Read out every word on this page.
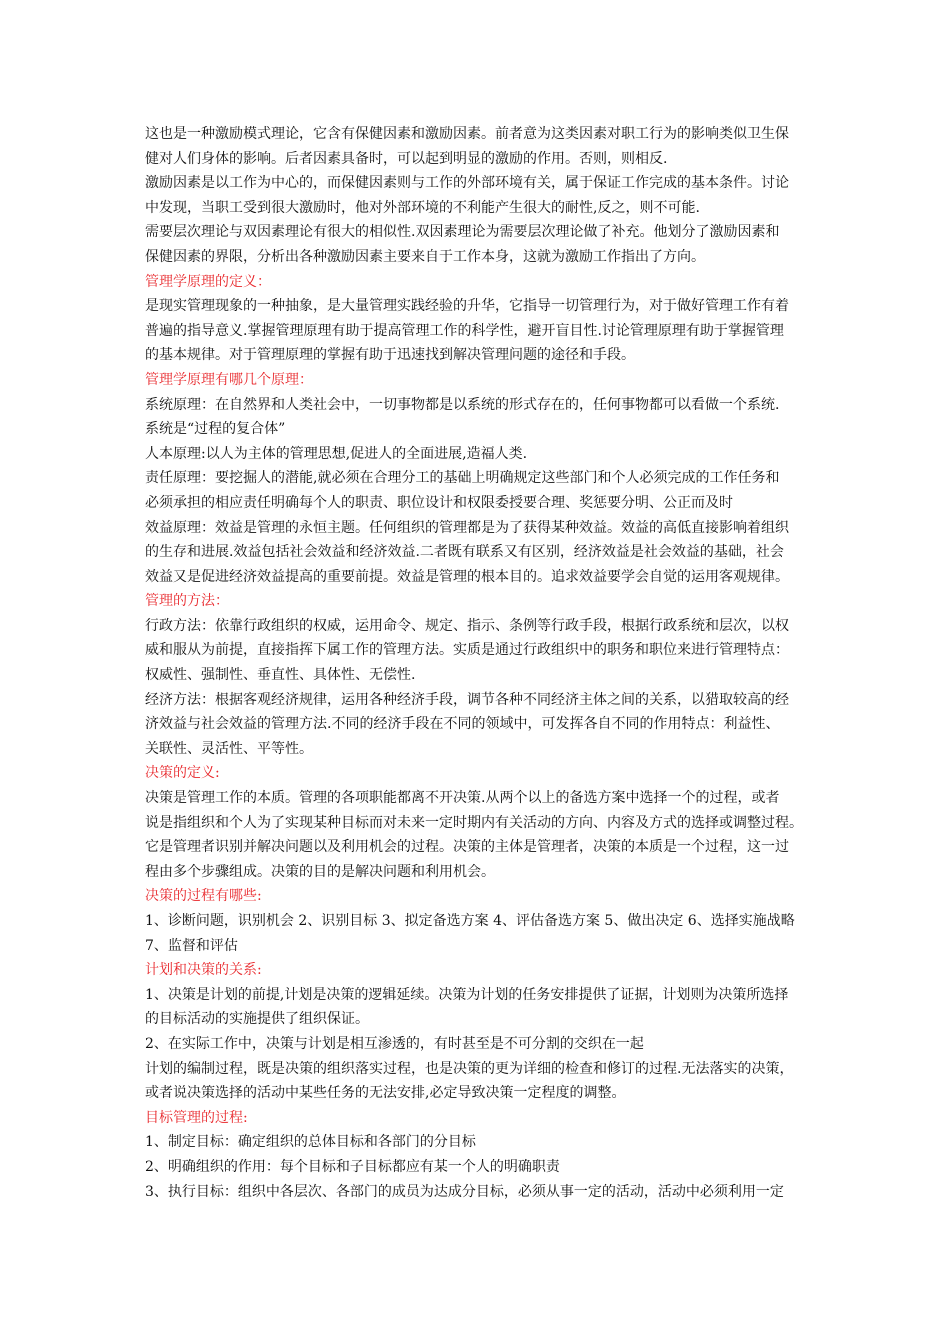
这也是一种激励模式理论，它含有保健因素和激励因素。前者意为这类因素对职工行为的影响类似卫生保
健对人们身体的影响。后者因素具备时，可以起到明显的激励的作用。否则，则相反.
激励因素是以工作为中心的，而保健因素则与工作的外部环境有关，属于保证工作完成的基本条件。讨论
中发现，当职工受到很大激励时，他对外部环境的不利能产生很大的耐性,反之，则不可能.
需要层次理论与双因素理论有很大的相似性.双因素理论为需要层次理论做了补充。他划分了激励因素和
保健因素的界限，分析出各种激励因素主要来自于工作本身，这就为激励工作指出了方向。
管理学原理的定义：
是现实管理现象的一种抽象，是大量管理实践经验的升华，它指导一切管理行为，对于做好管理工作有着
普遍的指导意义.掌握管理原理有助于提高管理工作的科学性，避开盲目性.讨论管理原理有助于掌握管理
的基本规律。对于管理原理的掌握有助于迅速找到解决管理问题的途径和手段。
管理学原理有哪几个原理：
系统原理：在自然界和人类社会中，一切事物都是以系统的形式存在的，任何事物都可以看做一个系统.
系统是“过程的复合体”
人本原理:以人为主体的管理思想,促进人的全面进展,造福人类.
责任原理：要挖掘人的潜能,就必须在合理分工的基础上明确规定这些部门和个人必须完成的工作任务和
必须承担的相应责任明确每个人的职责、职位设计和权限委授要合理、奖惩要分明、公正而及时
效益原理：效益是管理的永恒主题。任何组织的管理都是为了获得某种效益。效益的高低直接影响着组织
的生存和进展.效益包括社会效益和经济效益.二者既有联系又有区别，经济效益是社会效益的基础，社会
效益又是促进经济效益提高的重要前提。效益是管理的根本目的。追求效益要学会自觉的运用客观规律。
管理的方法：
行政方法：依靠行政组织的权威，运用命令、规定、指示、条例等行政手段，根据行政系统和层次，以权
威和服从为前提，直接指挥下属工作的管理方法。实质是通过行政组织中的职务和职位来进行管理特点：
权威性、强制性、垂直性、具体性、无偿性.
经济方法：根据客观经济规律，运用各种经济手段，调节各种不同经济主体之间的关系，以猎取较高的经
济效益与社会效益的管理方法.不同的经济手段在不同的领域中，可发挥各自不同的作用特点：利益性、
关联性、灵活性、平等性。
决策的定义:
决策是管理工作的本质。管理的各项职能都离不开决策.从两个以上的备选方案中选择一个的过程，或者
说是指组织和个人为了实现某种目标而对未来一定时期内有关活动的方向、内容及方式的选择或调整过程。
它是管理者识别并解决问题以及利用机会的过程。决策的主体是管理者，决策的本质是一个过程，这一过
程由多个步骤组成。决策的目的是解决问题和利用机会。
决策的过程有哪些:
1、诊断问题，识别机会 2、识别目标 3、拟定备选方案 4、评估备选方案 5、做出决定 6、选择实施战略
7、监督和评估
计划和决策的关系:
1、决策是计划的前提,计划是决策的逻辑延续。决策为计划的任务安排提供了证据，计划则为决策所选择
的目标活动的实施提供了组织保证。
2、在实际工作中，决策与计划是相互渗透的，有时甚至是不可分割的交织在一起
计划的编制过程，既是决策的组织落实过程，也是决策的更为详细的检查和修订的过程.无法落实的决策，
或者说决策选择的活动中某些任务的无法安排,必定导致决策一定程度的调整。
目标管理的过程:
1、制定目标：确定组织的总体目标和各部门的分目标
2、明确组织的作用：每个目标和子目标都应有某一个人的明确职责
3、执行目标：组织中各层次、各部门的成员为达成分目标，必须从事一定的活动，活动中必须利用一定
